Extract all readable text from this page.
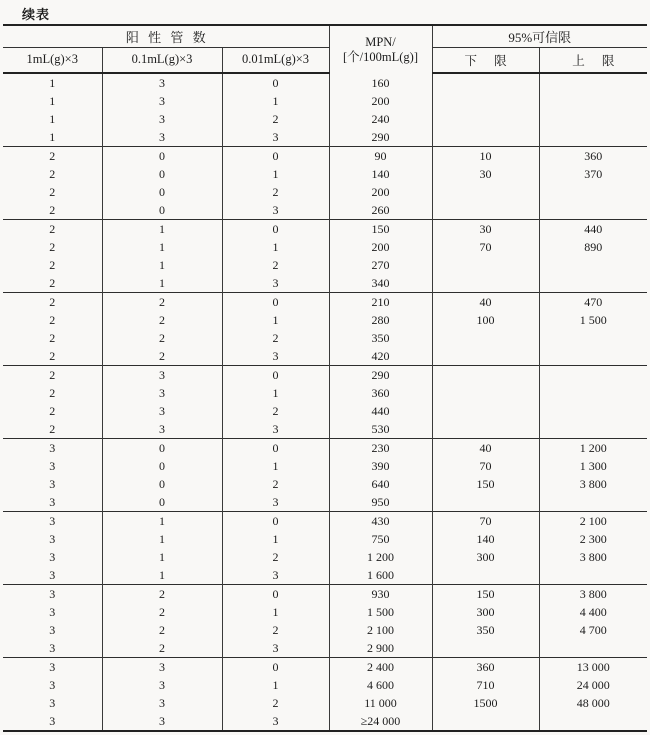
续表
阳 性 管 数			MPN/
[个/100mL(g)]	95%可信限	
1mL(g)×3	0.1mL(g)×3	0.01mL(g)×3		下 限	上 限
1	3	0	160		
1	3	1	200		
1	3	2	240		
1	3	3	290		
2	0	0	90	10	360
2	0	1	140	30	370
2	0	2	200		
2	0	3	260		
2	1	0	150	30	440
2	1	1	200	70	890
2	1	2	270		
2	1	3	340		
2	2	0	210	40	470
2	2	1	280	100	1 500
2	2	2	350		
2	2	3	420		
2	3	0	290		
2	3	1	360		
2	3	2	440		
2	3	3	530		
3	0	0	230	40	1 200
3	0	1	390	70	1 300
3	0	2	640	150	3 800
3	0	3	950		
3	1	0	430	70	2 100
3	1	1	750	140	2 300
3	1	2	1 200	300	3 800
3	1	3	1 600		
3	2	0	930	150	3 800
3	2	1	1 500	300	4 400
3	2	2	2 100	350	4 700
3	2	3	2 900		
3	3	0	2 400	360	13 000
3	3	1	4 600	710	24 000
3	3	2	11 000	1500	48 000
3	3	3	≥24 000		
